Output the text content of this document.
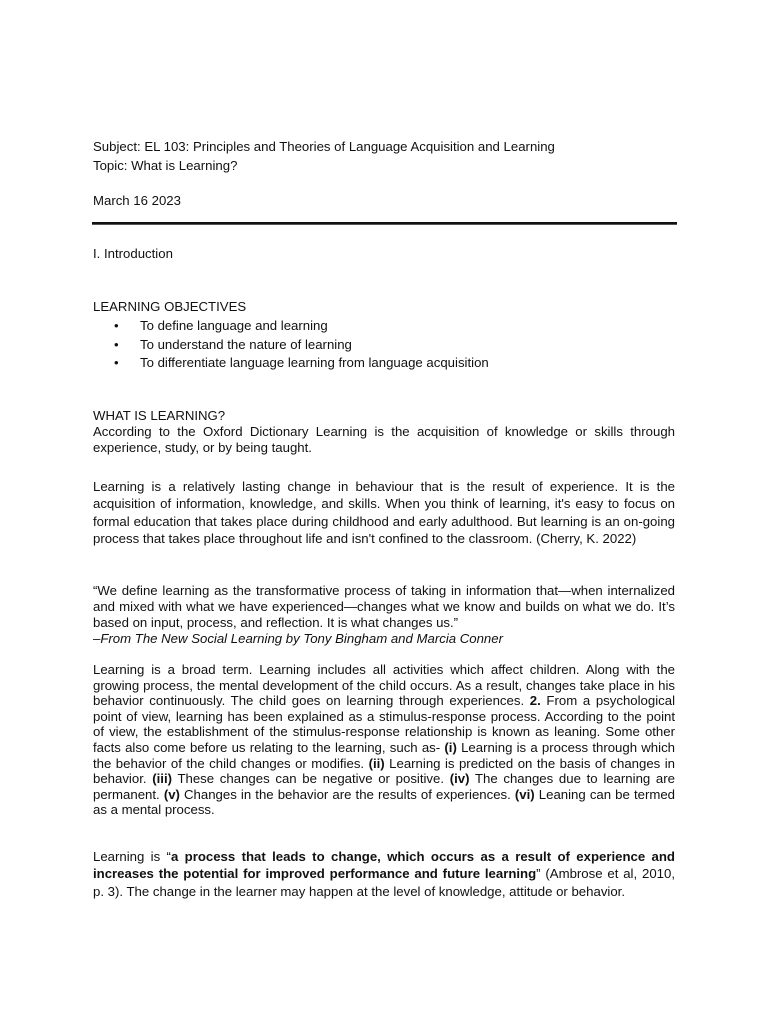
Subject: EL 103: Principles and Theories of Language Acquisition and Learning
Topic: What is Learning?
March 16 2023
I. Introduction
LEARNING OBJECTIVES
• To define language and learning
• To understand the nature of learning
• To differentiate language learning from language acquisition
WHAT IS LEARNING?
According to the Oxford Dictionary Learning is the acquisition of knowledge or skills through experience, study, or by being taught.
Learning is a relatively lasting change in behaviour that is the result of experience. It is the acquisition of information, knowledge, and skills. When you think of learning, it's easy to focus on formal education that takes place during childhood and early adulthood. But learning is an on-going process that takes place throughout life and isn't confined to the classroom. (Cherry, K. 2022)
“We define learning as the transformative process of taking in information that—when internalized and mixed with what we have experienced—changes what we know and builds on what we do. It’s based on input, process, and reflection. It is what changes us.”
–From The New Social Learning by Tony Bingham and Marcia Conner
Learning is a broad term. Learning includes all activities which affect children. Along with the growing process, the mental development of the child occurs. As a result, changes take place in his behavior continuously. The child goes on learning through experiences. 2. From a psychological point of view, learning has been explained as a stimulus-response process. According to the point of view, the establishment of the stimulus-response relationship is known as leaning. Some other facts also come before us relating to the learning, such as- (i) Learning is a process through which the behavior of the child changes or modifies. (ii) Learning is predicted on the basis of changes in behavior. (iii) These changes can be negative or positive. (iv) The changes due to learning are permanent. (v) Changes in the behavior are the results of experiences. (vi) Leaning can be termed as a mental process.
Learning is “a process that leads to change, which occurs as a result of experience and increases the potential for improved performance and future learning” (Ambrose et al, 2010, p. 3). The change in the learner may happen at the level of knowledge, attitude or behavior.
